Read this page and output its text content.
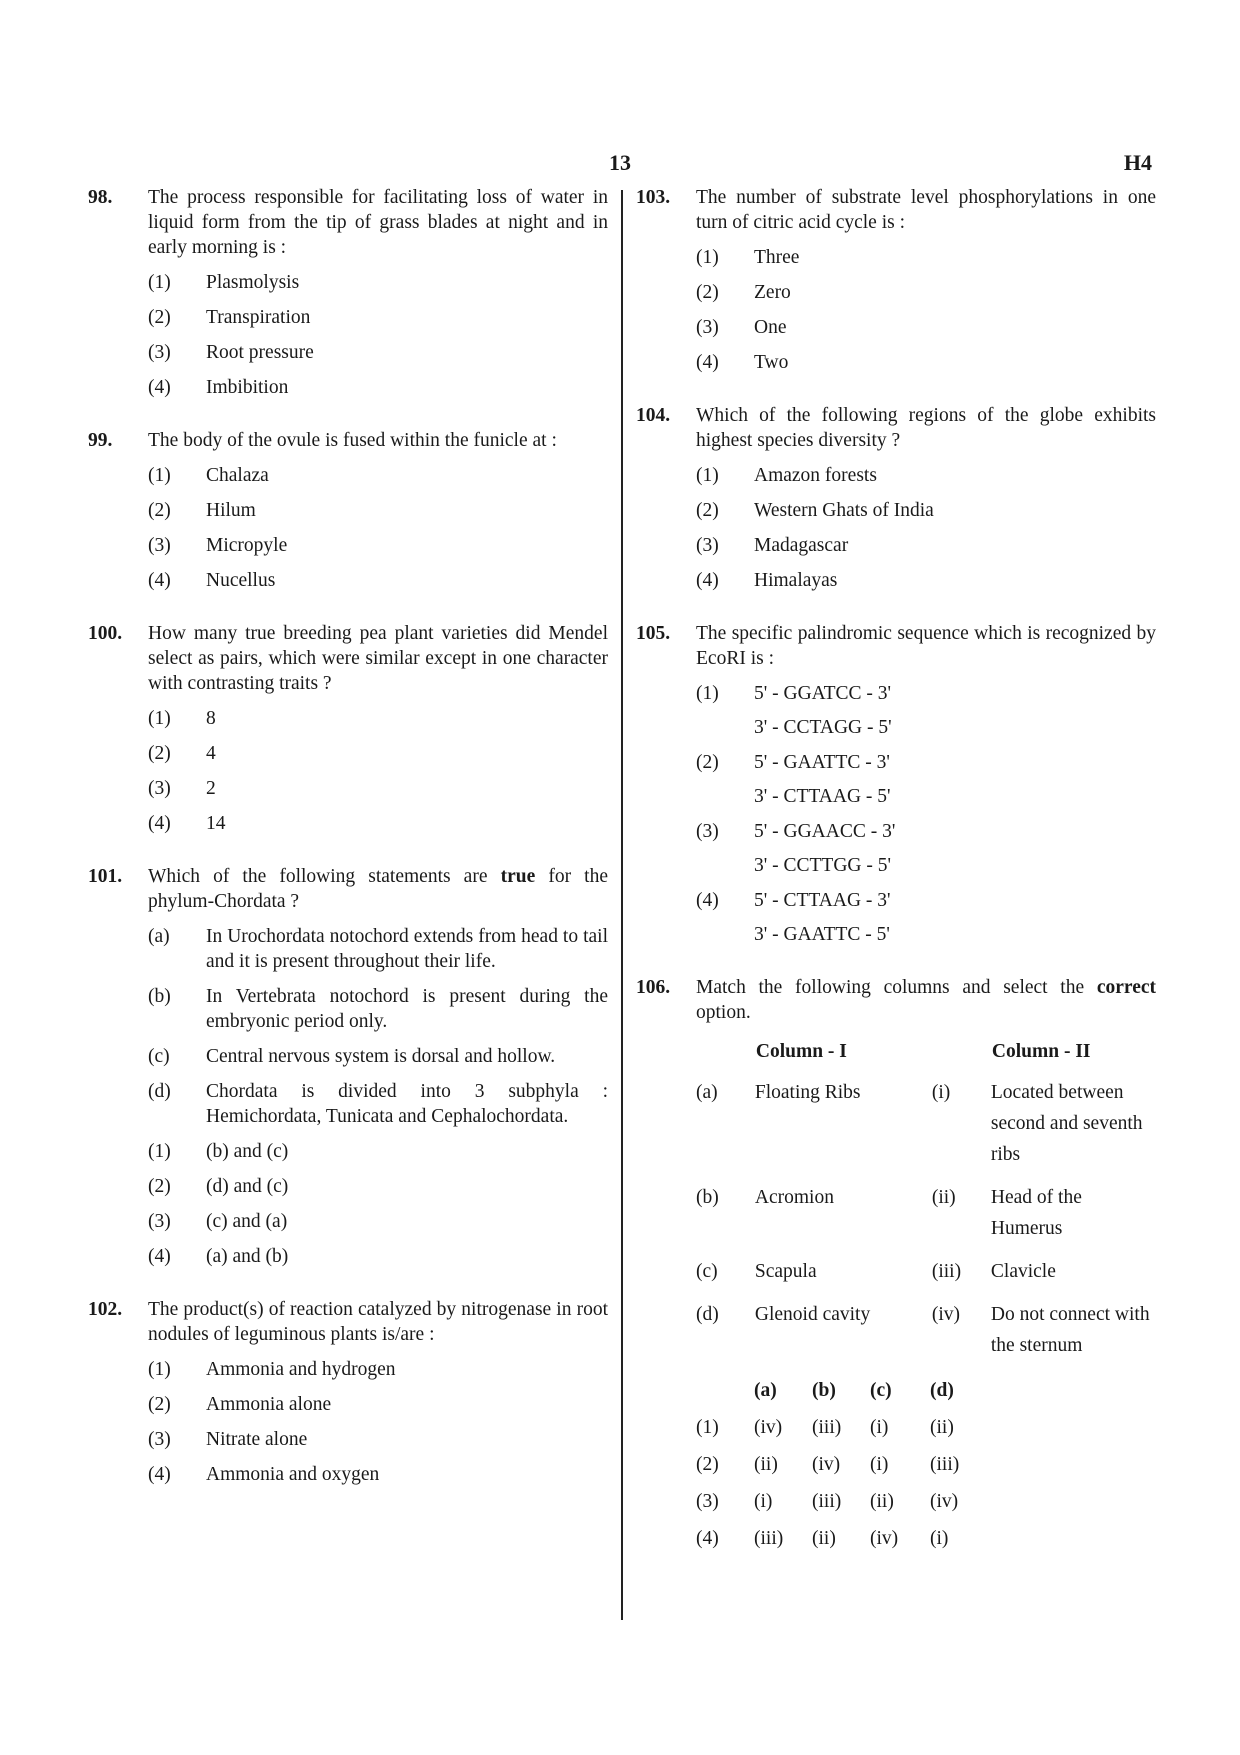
13	H4
98. The process responsible for facilitating loss of water in liquid form from the tip of grass blades at night and in early morning is :
(1) Plasmolysis
(2) Transpiration
(3) Root pressure
(4) Imbibition
99. The body of the ovule is fused within the funicle at :
(1) Chalaza
(2) Hilum
(3) Micropyle
(4) Nucellus
100. How many true breeding pea plant varieties did Mendel select as pairs, which were similar except in one character with contrasting traits ?
(1) 8
(2) 4
(3) 2
(4) 14
101. Which of the following statements are true for the phylum-Chordata ?
(a) In Urochordata notochord extends from head to tail and it is present throughout their life.
(b) In Vertebrata notochord is present during the embryonic period only.
(c) Central nervous system is dorsal and hollow.
(d) Chordata is divided into 3 subphyla : Hemichordata, Tunicata and Cephalochordata.
(1) (b) and (c)
(2) (d) and (c)
(3) (c) and (a)
(4) (a) and (b)
102. The product(s) of reaction catalyzed by nitrogenase in root nodules of leguminous plants is/are :
(1) Ammonia and hydrogen
(2) Ammonia alone
(3) Nitrate alone
(4) Ammonia and oxygen
103. The number of substrate level phosphorylations in one turn of citric acid cycle is :
(1) Three
(2) Zero
(3) One
(4) Two
104. Which of the following regions of the globe exhibits highest species diversity ?
(1) Amazon forests
(2) Western Ghats of India
(3) Madagascar
(4) Himalayas
105. The specific palindromic sequence which is recognized by EcoRI is :
(1) 5' - GGATCC - 3'
3' - CCTAGG - 5'
(2) 5' - GAATTC - 3'
3' - CTTAAG - 5'
(3) 5' - GGAACC - 3'
3' - CCTTGG - 5'
(4) 5' - CTTAAG - 3'
3' - GAATTC - 5'
106. Match the following columns and select the correct option.
	Column - I		Column - II
(a)	Floating Ribs	(i)	Located between second and seventh ribs
(b)	Acromion	(ii)	Head of the Humerus
(c)	Scapula	(iii)	Clavicle
(d)	Glenoid cavity	(iv)	Do not connect with the sternum
	(a)	(b)	(c)	(d)
(1)	(iv)	(iii)	(i)	(ii)
(2)	(ii)	(iv)	(i)	(iii)
(3)	(i)	(iii)	(ii)	(iv)
(4)	(iii)	(ii)	(iv)	(i)
